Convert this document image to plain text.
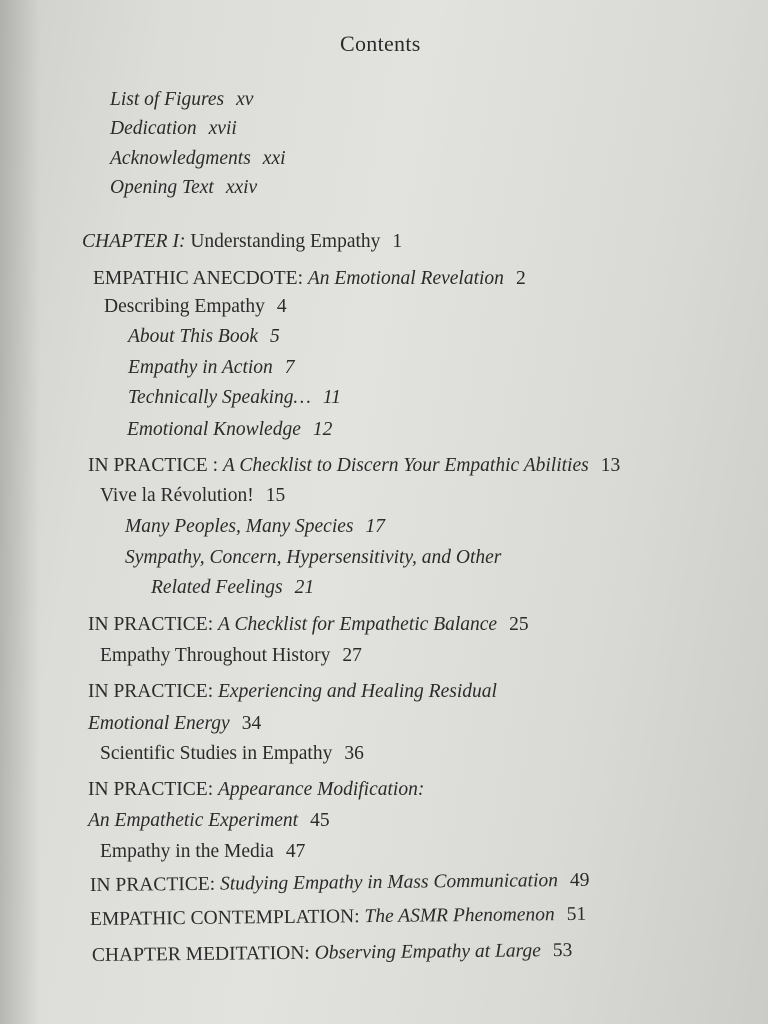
Contents
List of Figures xv
Dedication xvii
Acknowledgments xxi
Opening Text xxiv
CHAPTER I: Understanding Empathy 1
EMPATHIC ANECDOTE: An Emotional Revelation 2
Describing Empathy 4
About This Book 5
Empathy in Action 7
Technically Speaking… 11
Emotional Knowledge 12
IN PRACTICE : A Checklist to Discern Your Empathic Abilities 13
Vive la Révolution! 15
Many Peoples, Many Species 17
Sympathy, Concern, Hypersensitivity, and Other
Related Feelings 21
IN PRACTICE: A Checklist for Empathetic Balance 25
Empathy Throughout History 27
IN PRACTICE: Experiencing and Healing Residual
Emotional Energy 34
Scientific Studies in Empathy 36
IN PRACTICE: Appearance Modification:
An Empathetic Experiment 45
Empathy in the Media 47
IN PRACTICE: Studying Empathy in Mass Communication 49
EMPATHIC CONTEMPLATION: The ASMR Phenomenon 51
CHAPTER MEDITATION: Observing Empathy at Large 53
